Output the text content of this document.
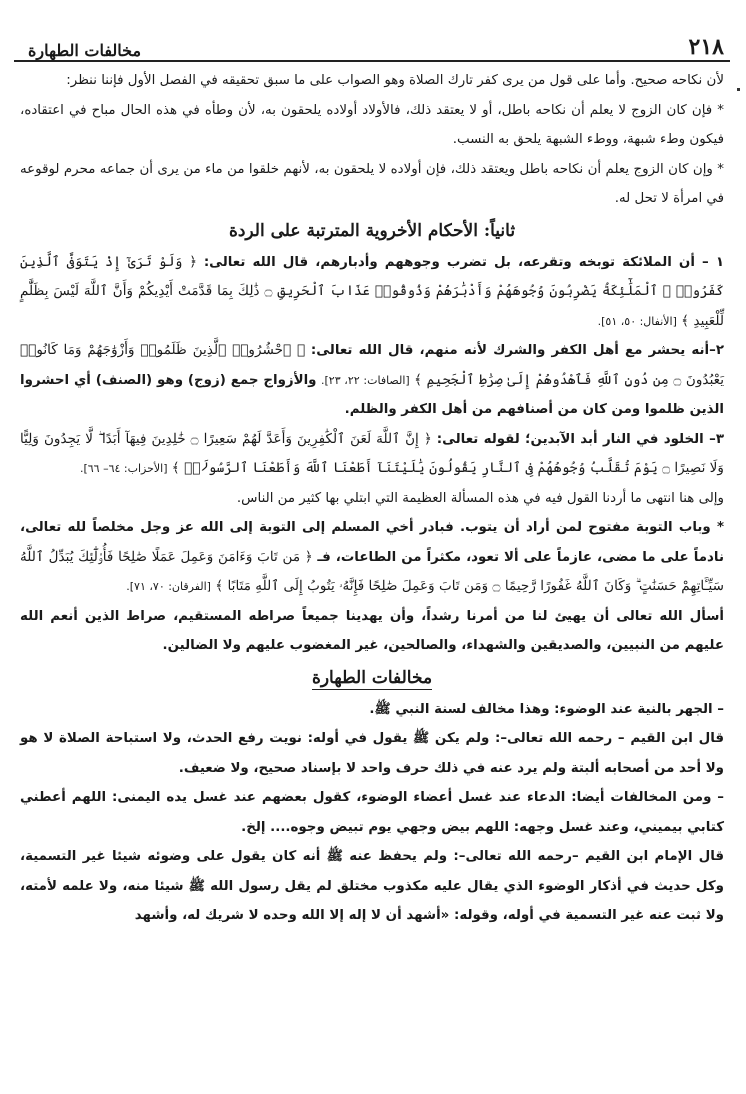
٢١٨
مخالفات الطهارة

لأن نكاحه صحيح. وأما على قول من يرى كفر تارك الصلاة وهو الصواب على ما سبق تحقيقه في الفصل الأول فإننا ننظر:

* فإن كان الزوج لا يعلم أن نكاحه باطل، أو لا يعتقد ذلك، فالأولاد أولاده يلحقون به، لأن وطأه في هذه الحال مباح في اعتقاده، فيكون وطء شبهة، ووطء الشبهة يلحق به النسب.

* وإن كان الزوج يعلم أن نكاحه باطل ويعتقد ذلك، فإن أولاده لا يلحقون به، لأنهم خلقوا من ماء من يرى أن جماعه محرم لوقوعه في امرأة لا تحل له.

ثانياً: الأحكام الأخروية المترتبة على الردة

١ – أن الملائكة توبخه وتقرعه، بل تضرب وجوههم وأدبارهم، قال الله تعالى: ﴿ وَلَوْ تَرَىٰٓ إِذْ يَتَوَفَّى ٱلَّذِينَ كَفَرُوا۟ ۙ ٱلْمَلَٰٓئِكَةُ يَضْرِبُونَ وُجُوهَهُمْ وَأَدْبَٰرَهُمْ وَذُوقُوا۟ عَذَابَ ٱلْحَرِيقِ ۝ ذَٰلِكَ بِمَا قَدَّمَتْ أَيْدِيكُمْ وَأَنَّ ٱللَّهَ لَيْسَ بِظَلَّٰمٍ لِّلْعَبِيدِ ﴾ [الأنفال: ٥٠، ٥١].

٢–أنه يحشر مع أهل الكفر والشرك لأنه منهم، قال الله تعالى: ﴿ ٱحْشُرُوا۟ ٱلَّذِينَ ظَلَمُوا۟ وَأَزْوَٰجَهُمْ وَمَا كَانُوا۟ يَعْبُدُونَ ۝ مِن دُونِ ٱللَّهِ فَٱهْدُوهُمْ إِلَىٰ صِرَٰطِ ٱلْجَحِيمِ ﴾ [الصافات: ٢٢، ٢٣]. والأزواج جمع (زوج) وهو (الصنف) أي احشروا الذين ظلموا ومن كان من أصنافهم من أهل الكفر والظلم.

٣– الخلود في النار أبد الآبدين؛ لقوله تعالى: ﴿ إِنَّ ٱللَّهَ لَعَنَ ٱلْكَٰفِرِينَ وَأَعَدَّ لَهُمْ سَعِيرًا ۝ خَٰلِدِينَ فِيهَآ أَبَدًا ۖ لَّا يَجِدُونَ وَلِيًّا وَلَا نَصِيرًا ۝ يَوْمَ تُقَلَّبُ وُجُوهُهُمْ فِى ٱلنَّارِ يَقُولُونَ يَٰلَيْتَنَآ أَطَعْنَا ٱللَّهَ وَأَطَعْنَا ٱلرَّسُولَا۠ ﴾ [الأحزاب: ٦٤– ٦٦].

وإلى هنا انتهى ما أردنا القول فيه في هذه المسألة العظيمة التي ابتلي بها كثير من الناس.

* وباب التوبة مفتوح لمن أراد أن يتوب. فبادر أخي المسلم إلى التوبة إلى الله عز وجل مخلصاً لله تعالى، نادماً على ما مضى، عازماً على ألا تعود، مكثراً من الطاعات، فـ ﴿ مَن تَابَ وَءَامَنَ وَعَمِلَ عَمَلًا صَٰلِحًا فَأُو۟لَٰٓئِكَ يُبَدِّلُ ٱللَّهُ سَيِّـَٔاتِهِمْ حَسَنَٰتٍ ۗ وَكَانَ ٱللَّهُ غَفُورًا رَّحِيمًا ۝ وَمَن تَابَ وَعَمِلَ صَٰلِحًا فَإِنَّهُۥ يَتُوبُ إِلَى ٱللَّهِ مَتَابًا ﴾ [الفرقان: ٧٠، ٧١].

أسأل الله تعالى أن يهيئ لنا من أمرنا رشداً، وأن يهدينا جميعاً صراطه المستقيم، صراط الذين أنعم الله عليهم من النبيين، والصديقين والشهداء، والصالحين، غير المغضوب عليهم ولا الضالين.

مخالفات الطهارة

– الجهر بالنية عند الوضوء: وهذا مخالف لسنة النبي ﷺ.

قال ابن القيم – رحمه الله تعالى–: ولم يكن ﷺ يقول في أوله: نويت رفع الحدث، ولا استباحة الصلاة لا هو ولا أحد من أصحابه ألبتة ولم يرد عنه في ذلك حرف واحد لا بإسناد صحيح، ولا ضعيف.

– ومن المخالفات أيضا: الدعاء عند غسل أعضاء الوضوء، كقول بعضهم عند غسل يده اليمنى: اللهم أعطني كتابي بيميني، وعند غسل وجهه: اللهم بيض وجهي يوم تبيض وجوه.... إلخ.

قال الإمام ابن القيم –رحمه الله تعالى–: ولم يحفظ عنه ﷺ أنه كان يقول على وضوئه شيئا غير التسمية، وكل حديث في أذكار الوضوء الذي يقال عليه مكذوب مختلق لم يقل رسول الله ﷺ شيئا منه، ولا علمه لأمته، ولا ثبت عنه غير التسمية في أوله، وقوله: «أشهد أن لا إله إلا الله وحده لا شريك له، وأشهد
